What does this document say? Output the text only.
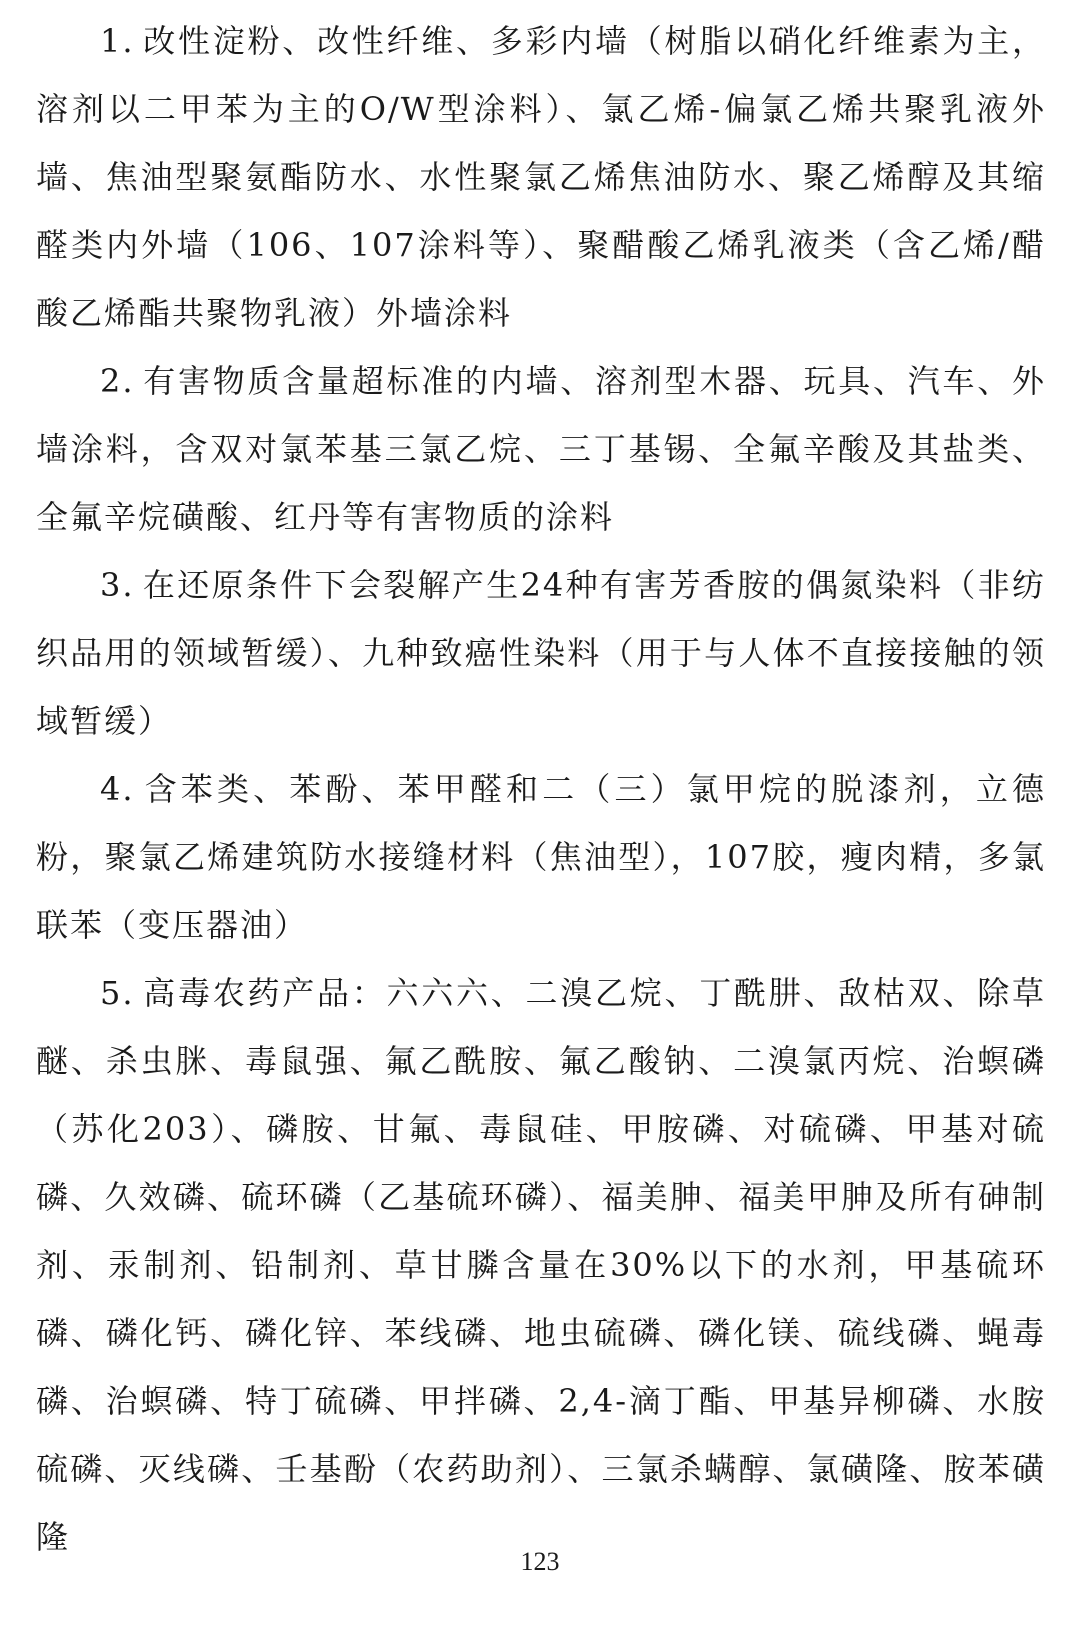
1. 改性淀粉、改性纤维、多彩内墙（树脂以硝化纤维素为主，溶剂以二甲苯为主的O/W型涂料）、氯乙烯-偏氯乙烯共聚乳液外墙、焦油型聚氨酯防水、水性聚氯乙烯焦油防水、聚乙烯醇及其缩醛类内外墙（106、107涂料等）、聚醋酸乙烯乳液类（含乙烯/醋酸乙烯酯共聚物乳液）外墙涂料

2. 有害物质含量超标准的内墙、溶剂型木器、玩具、汽车、外墙涂料，含双对氯苯基三氯乙烷、三丁基锡、全氟辛酸及其盐类、全氟辛烷磺酸、红丹等有害物质的涂料

3. 在还原条件下会裂解产生24种有害芳香胺的偶氮染料（非纺织品用的领域暂缓）、九种致癌性染料（用于与人体不直接接触的领域暂缓）

4. 含苯类、苯酚、苯甲醛和二（三）氯甲烷的脱漆剂，立德粉，聚氯乙烯建筑防水接缝材料（焦油型），107胶，瘦肉精，多氯联苯（变压器油）

5. 高毒农药产品：六六六、二溴乙烷、丁酰肼、敌枯双、除草醚、杀虫脒、毒鼠强、氟乙酰胺、氟乙酸钠、二溴氯丙烷、治螟磷（苏化203）、磷胺、甘氟、毒鼠硅、甲胺磷、对硫磷、甲基对硫磷、久效磷、硫环磷（乙基硫环磷）、福美胂、福美甲胂及所有砷制剂、汞制剂、铅制剂、草甘膦含量在30%以下的水剂，甲基硫环磷、磷化钙、磷化锌、苯线磷、地虫硫磷、磷化镁、硫线磷、蝇毒磷、治螟磷、特丁硫磷、甲拌磷、2,4-滴丁酯、甲基异柳磷、水胺硫磷、灭线磷、壬基酚（农药助剂）、三氯杀螨醇、氯磺隆、胺苯磺隆

123
